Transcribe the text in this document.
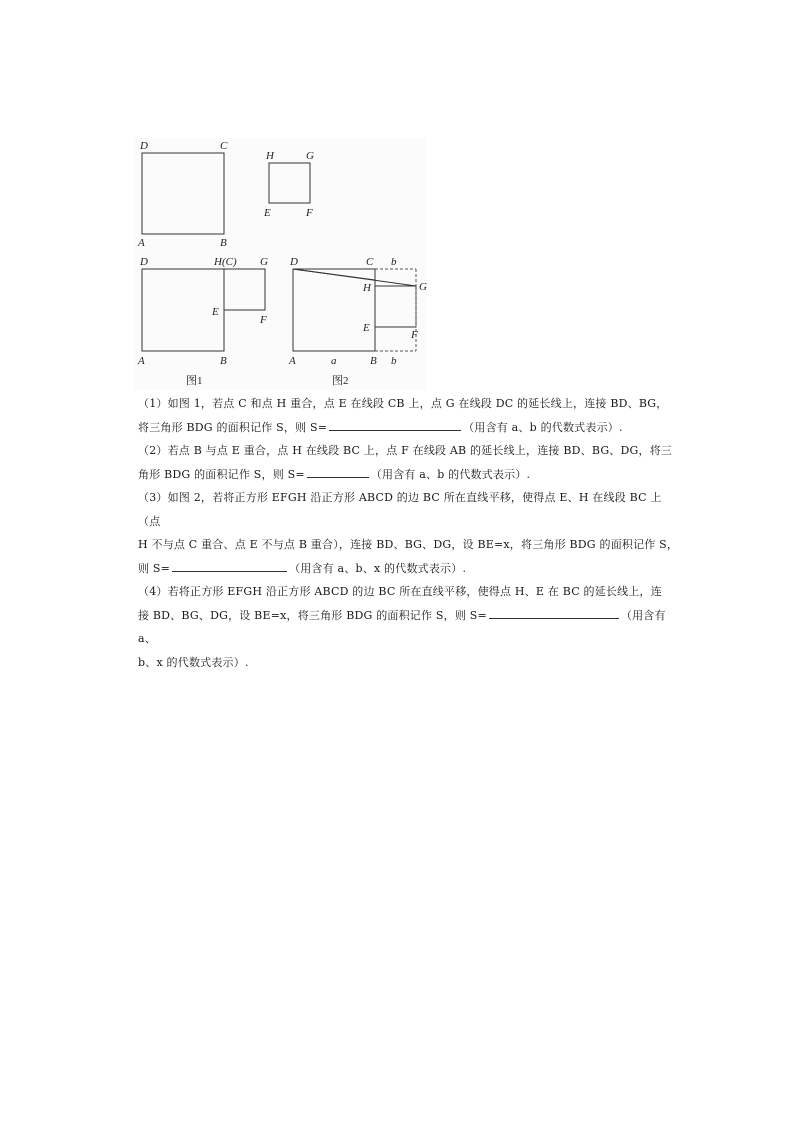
D	C
A	B
H	G
E	F
D	H(C) G
E
F
A	B
图1
D	C b
H	G
E
F
A	a	B b
图2
（1）如图 1，若点 C 和点 H 重合，点 E 在线段 CB 上，点 G 在线段 DC 的延长线上，连接 BD、BG，
将三角形 BDG 的面积记作 S，则 S=	（用含有 a、b 的代数式表示）.
（2）若点 B 与点 E 重合，点 H 在线段 BC 上，点 F 在线段 AB 的延长线上，连接 BD、BG、DG，将三
角形 BDG 的面积记作 S，则 S=	（用含有 a、b 的代数式表示）.
（3）如图 2，若将正方形 EFGH 沿正方形 ABCD 的边 BC 所在直线平移，使得点 E、H 在线段 BC 上（点
H 不与点 C 重合、点 E 不与点 B 重合），连接 BD、BG、DG，设 BE=x，将三角形 BDG 的面积记作 S，
则 S=	（用含有 a、b、x 的代数式表示）.
（4）若将正方形 EFGH 沿正方形 ABCD 的边 BC 所在直线平移，使得点 H、E 在 BC 的延长线上，连
接 BD、BG、DG，设 BE=x，将三角形 BDG 的面积记作 S，则 S=	（用含有 a、
b、x 的代数式表示）.
